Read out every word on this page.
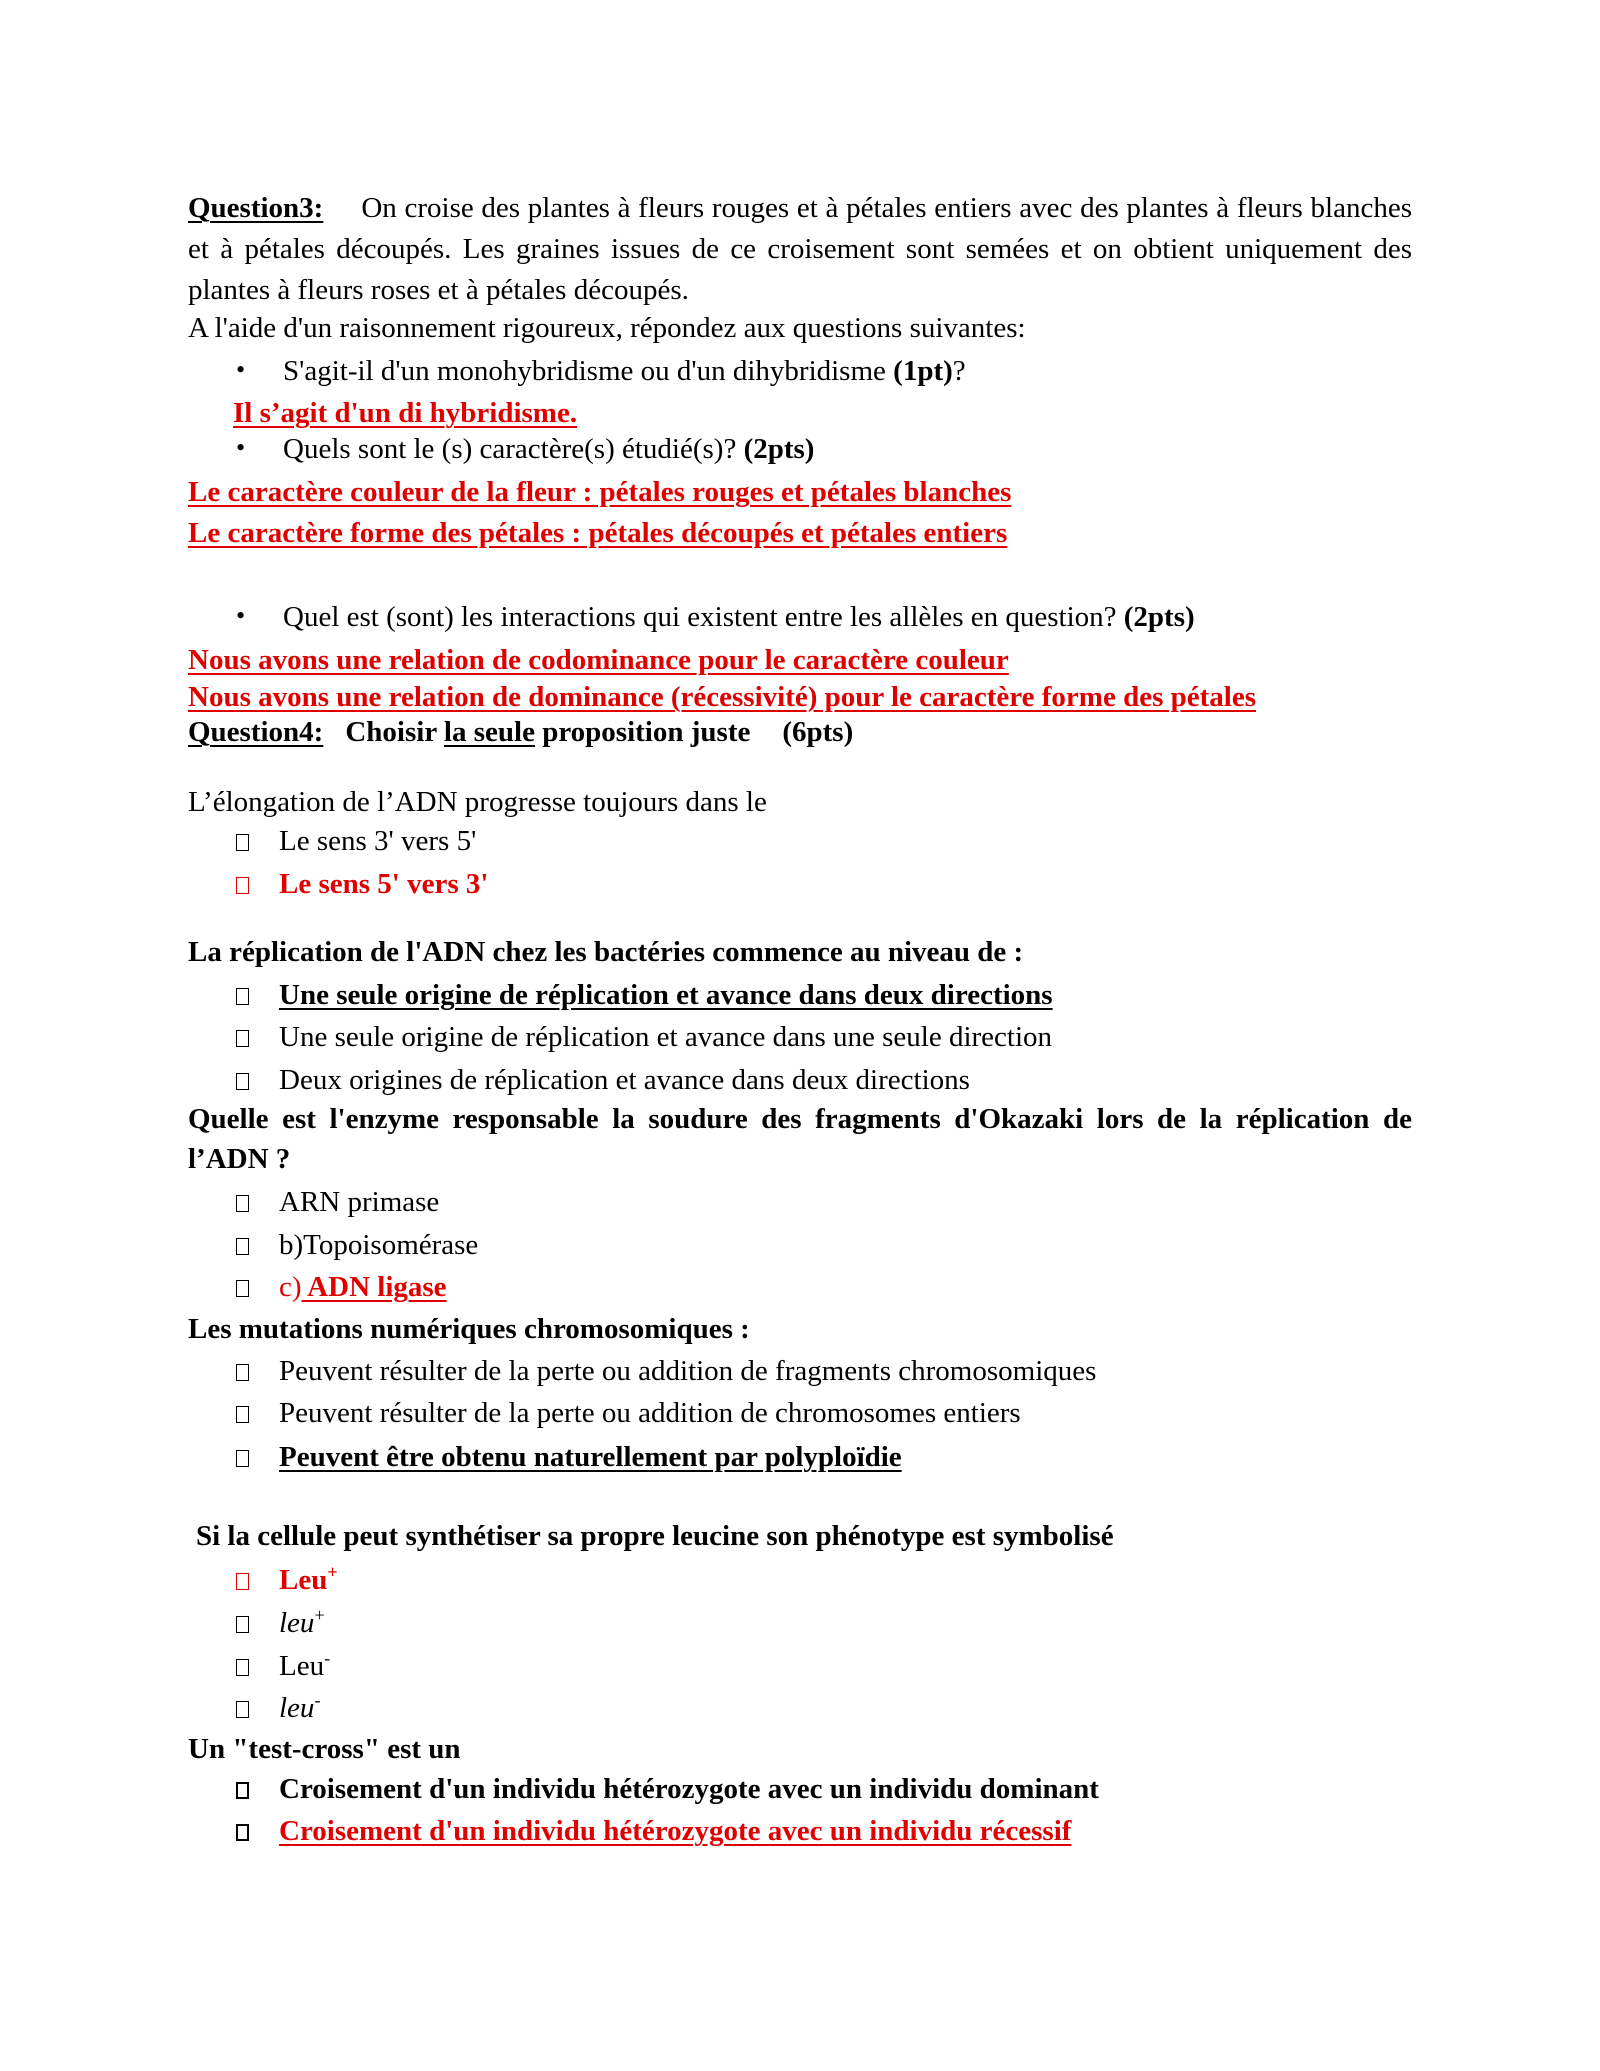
Question3: On croise des plantes à fleurs rouges et à pétales entiers avec des plantes à fleurs blanches et à pétales découpés. Les graines issues de ce croisement sont semées et on obtient uniquement des plantes à fleurs roses et à pétales découpés.
A l'aide d'un raisonnement rigoureux, répondez aux questions suivantes:
S'agit-il d'un monohybridisme ou d'un dihybridisme (1pt)?
Il s’agit d'un di hybridisme.
Quels sont le (s) caractère(s) étudié(s)? (2pts)
Le caractère couleur de la fleur : pétales rouges et pétales blanches
Le caractère forme des pétales : pétales découpés et pétales entiers
Quel est (sont) les interactions qui existent entre les allèles en question? (2pts)
Nous avons une relation de codominance pour le caractère couleur
Nous avons une relation de dominance (récessivité) pour le caractère forme des pétales
Question4: Choisir la seule proposition juste (6pts)
L’élongation de l’ADN progresse toujours dans le
Le sens 3' vers 5'
Le sens 5' vers 3'
La réplication de l'ADN chez les bactéries commence au niveau de :
Une seule origine de réplication et avance dans deux directions
Une seule origine de réplication et avance dans une seule direction
Deux origines de réplication et avance dans deux directions
Quelle est l'enzyme responsable la soudure des fragments d'Okazaki lors de la réplication de l’ADN ?
ARN primase
b)Topoisomérase
c) ADN ligase
Les mutations numériques chromosomiques :
Peuvent résulter de la perte ou addition de fragments chromosomiques
Peuvent résulter de la perte ou addition de chromosomes entiers
Peuvent être obtenu naturellement par polyploïdie
Si la cellule peut synthétiser sa propre leucine son phénotype est symbolisé
Leu+
leu+
Leu-
leu-
Un "test-cross" est un
Croisement d'un individu hétérozygote avec un individu dominant
Croisement d'un individu hétérozygote avec un individu récessif
